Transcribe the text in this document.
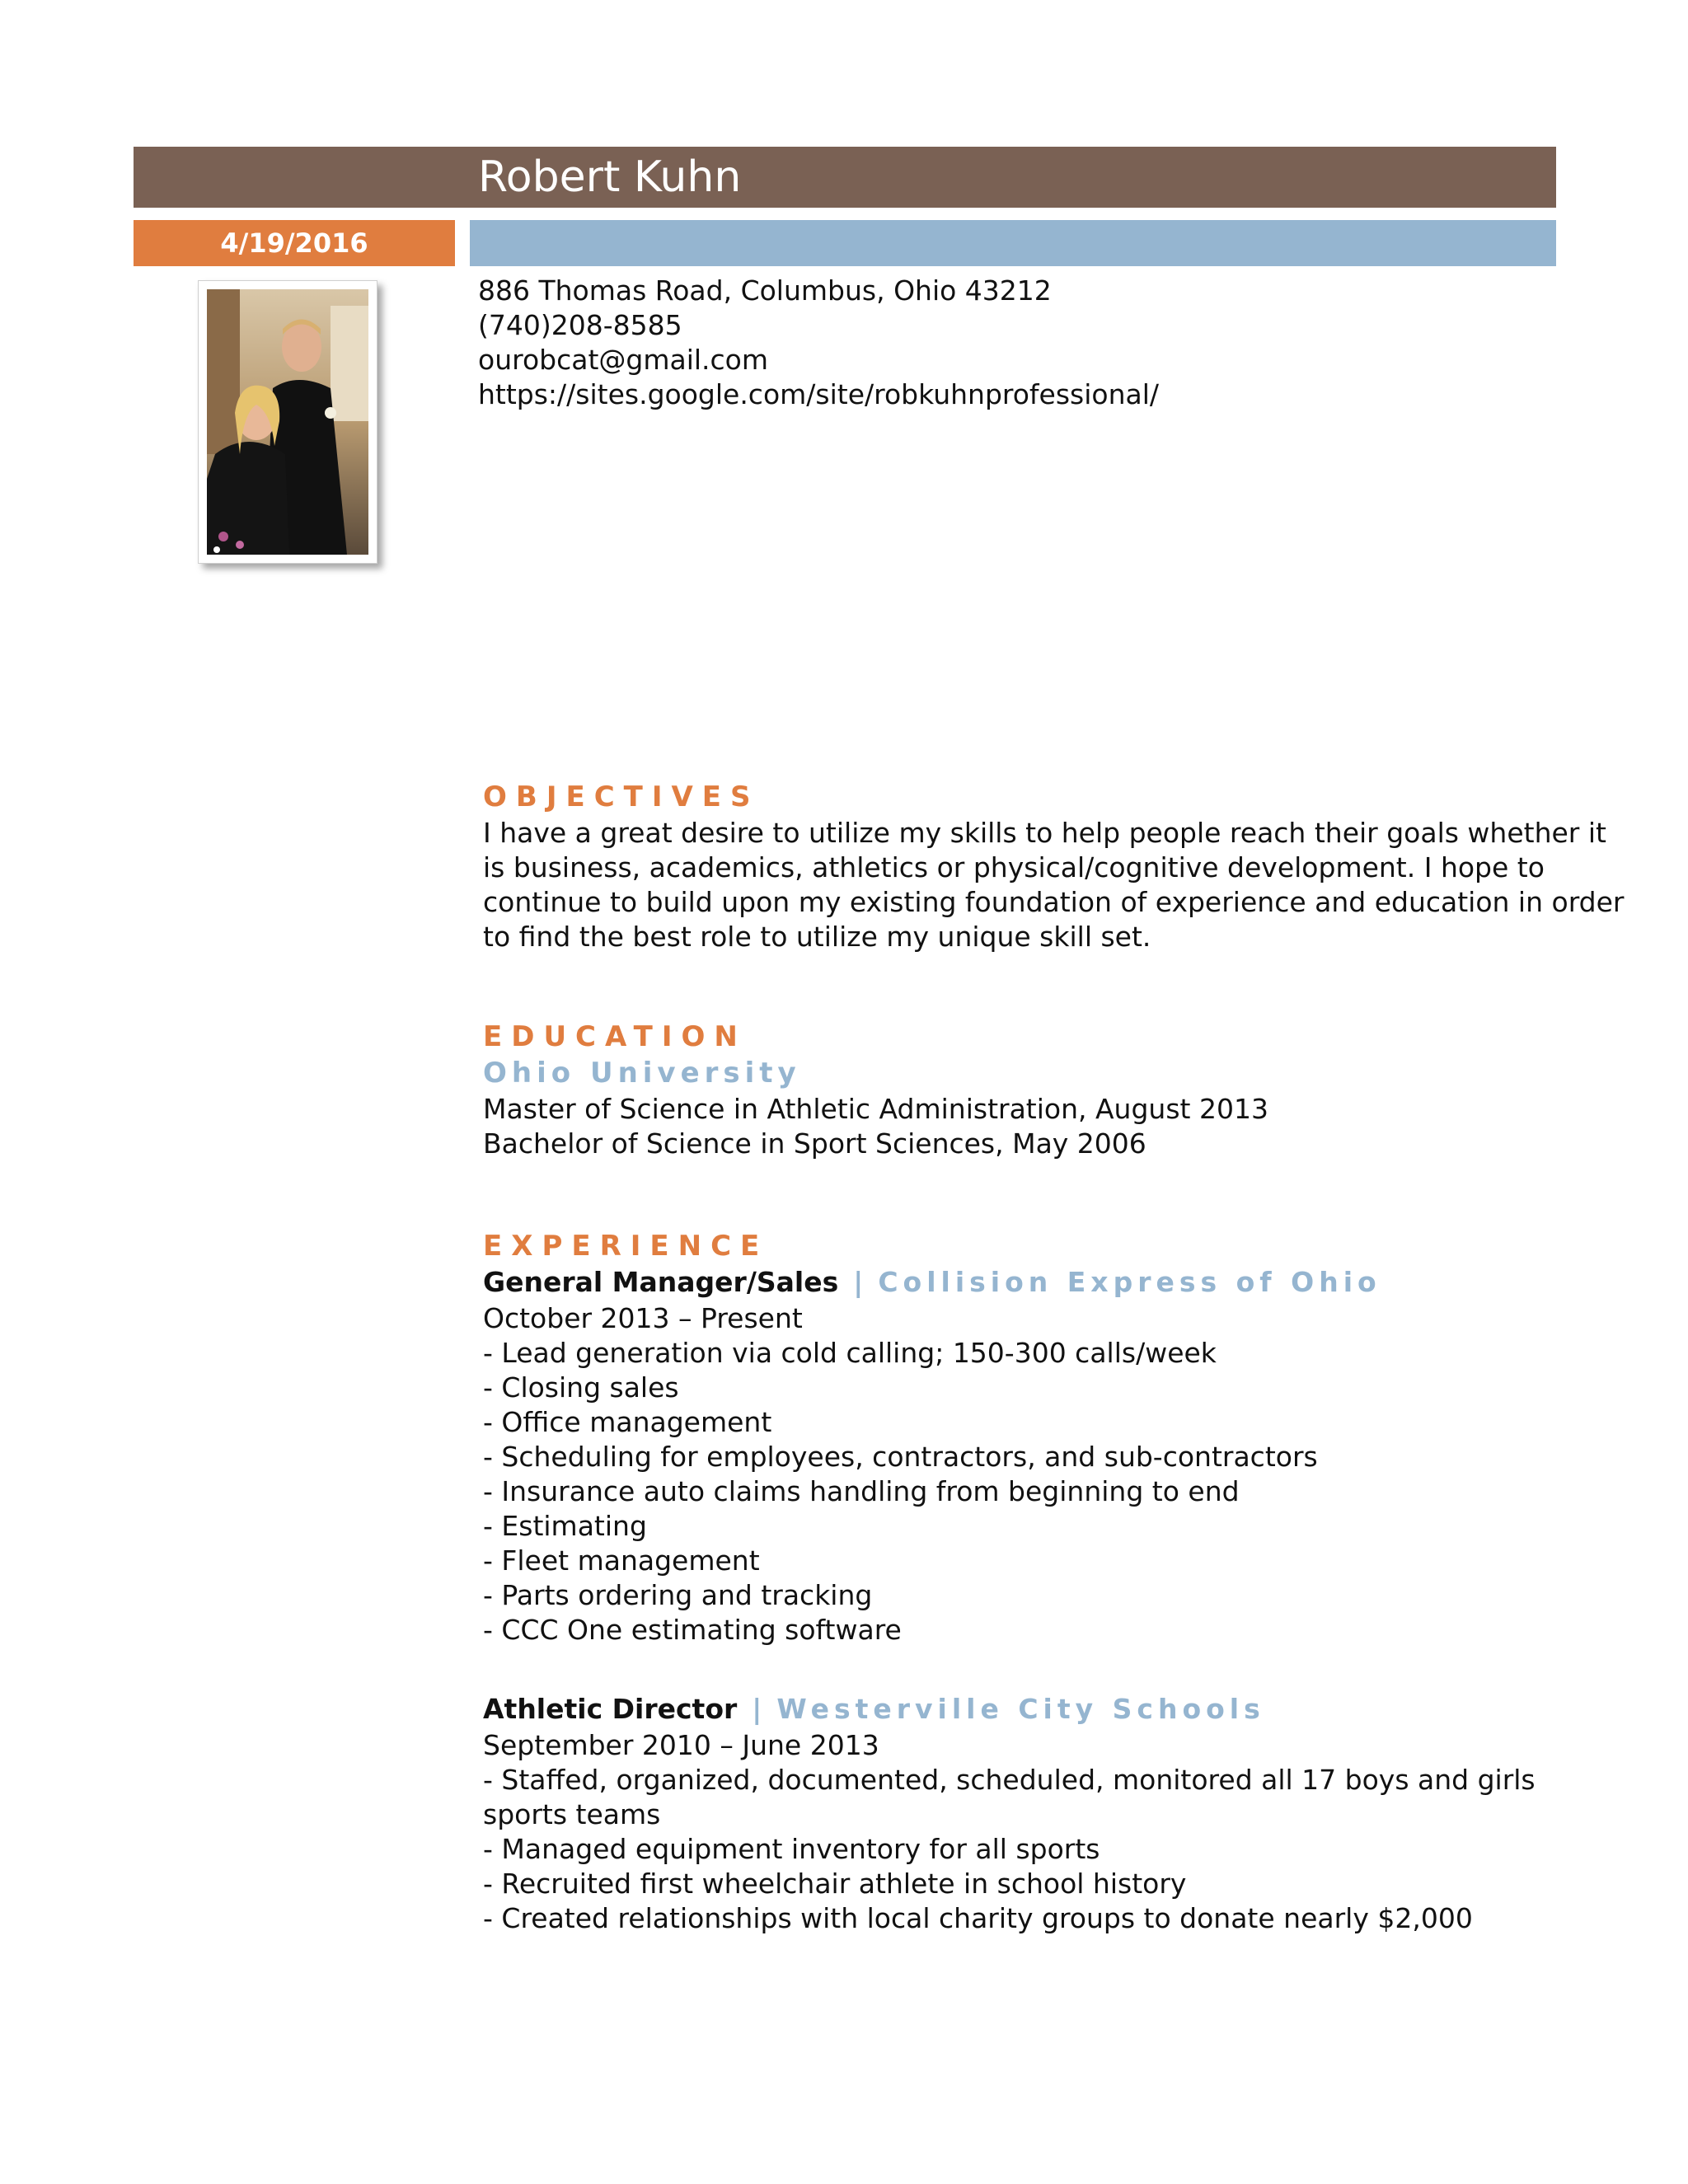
Robert Kuhn
4/19/2016
886 Thomas Road, Columbus, Ohio 43212
(740)208-8585
ourobcat@gmail.com
https://sites.google.com/site/robkuhnprofessional/
OBJECTIVES
I have a great desire to utilize my skills to help people reach their goals whether it
is business, academics, athletics or physical/cognitive development. I hope to
continue to build upon my existing foundation of experience and education in order
to find the best role to utilize my unique skill set.
EDUCATION
Ohio University
Master of Science in Athletic Administration, August 2013
Bachelor of Science in Sport Sciences, May 2006
EXPERIENCE
General Manager/Sales | Collision Express of Ohio
October 2013 – Present
- Lead generation via cold calling; 150-300 calls/week
- Closing sales
- Office management
- Scheduling for employees, contractors, and sub-contractors
- Insurance auto claims handling from beginning to end
- Estimating
- Fleet management
- Parts ordering and tracking
- CCC One estimating software
Athletic Director | Westerville City Schools
September 2010 – June 2013
- Staffed, organized, documented, scheduled, monitored all 17 boys and girls
sports teams
- Managed equipment inventory for all sports
- Recruited first wheelchair athlete in school history
- Created relationships with local charity groups to donate nearly $2,000
